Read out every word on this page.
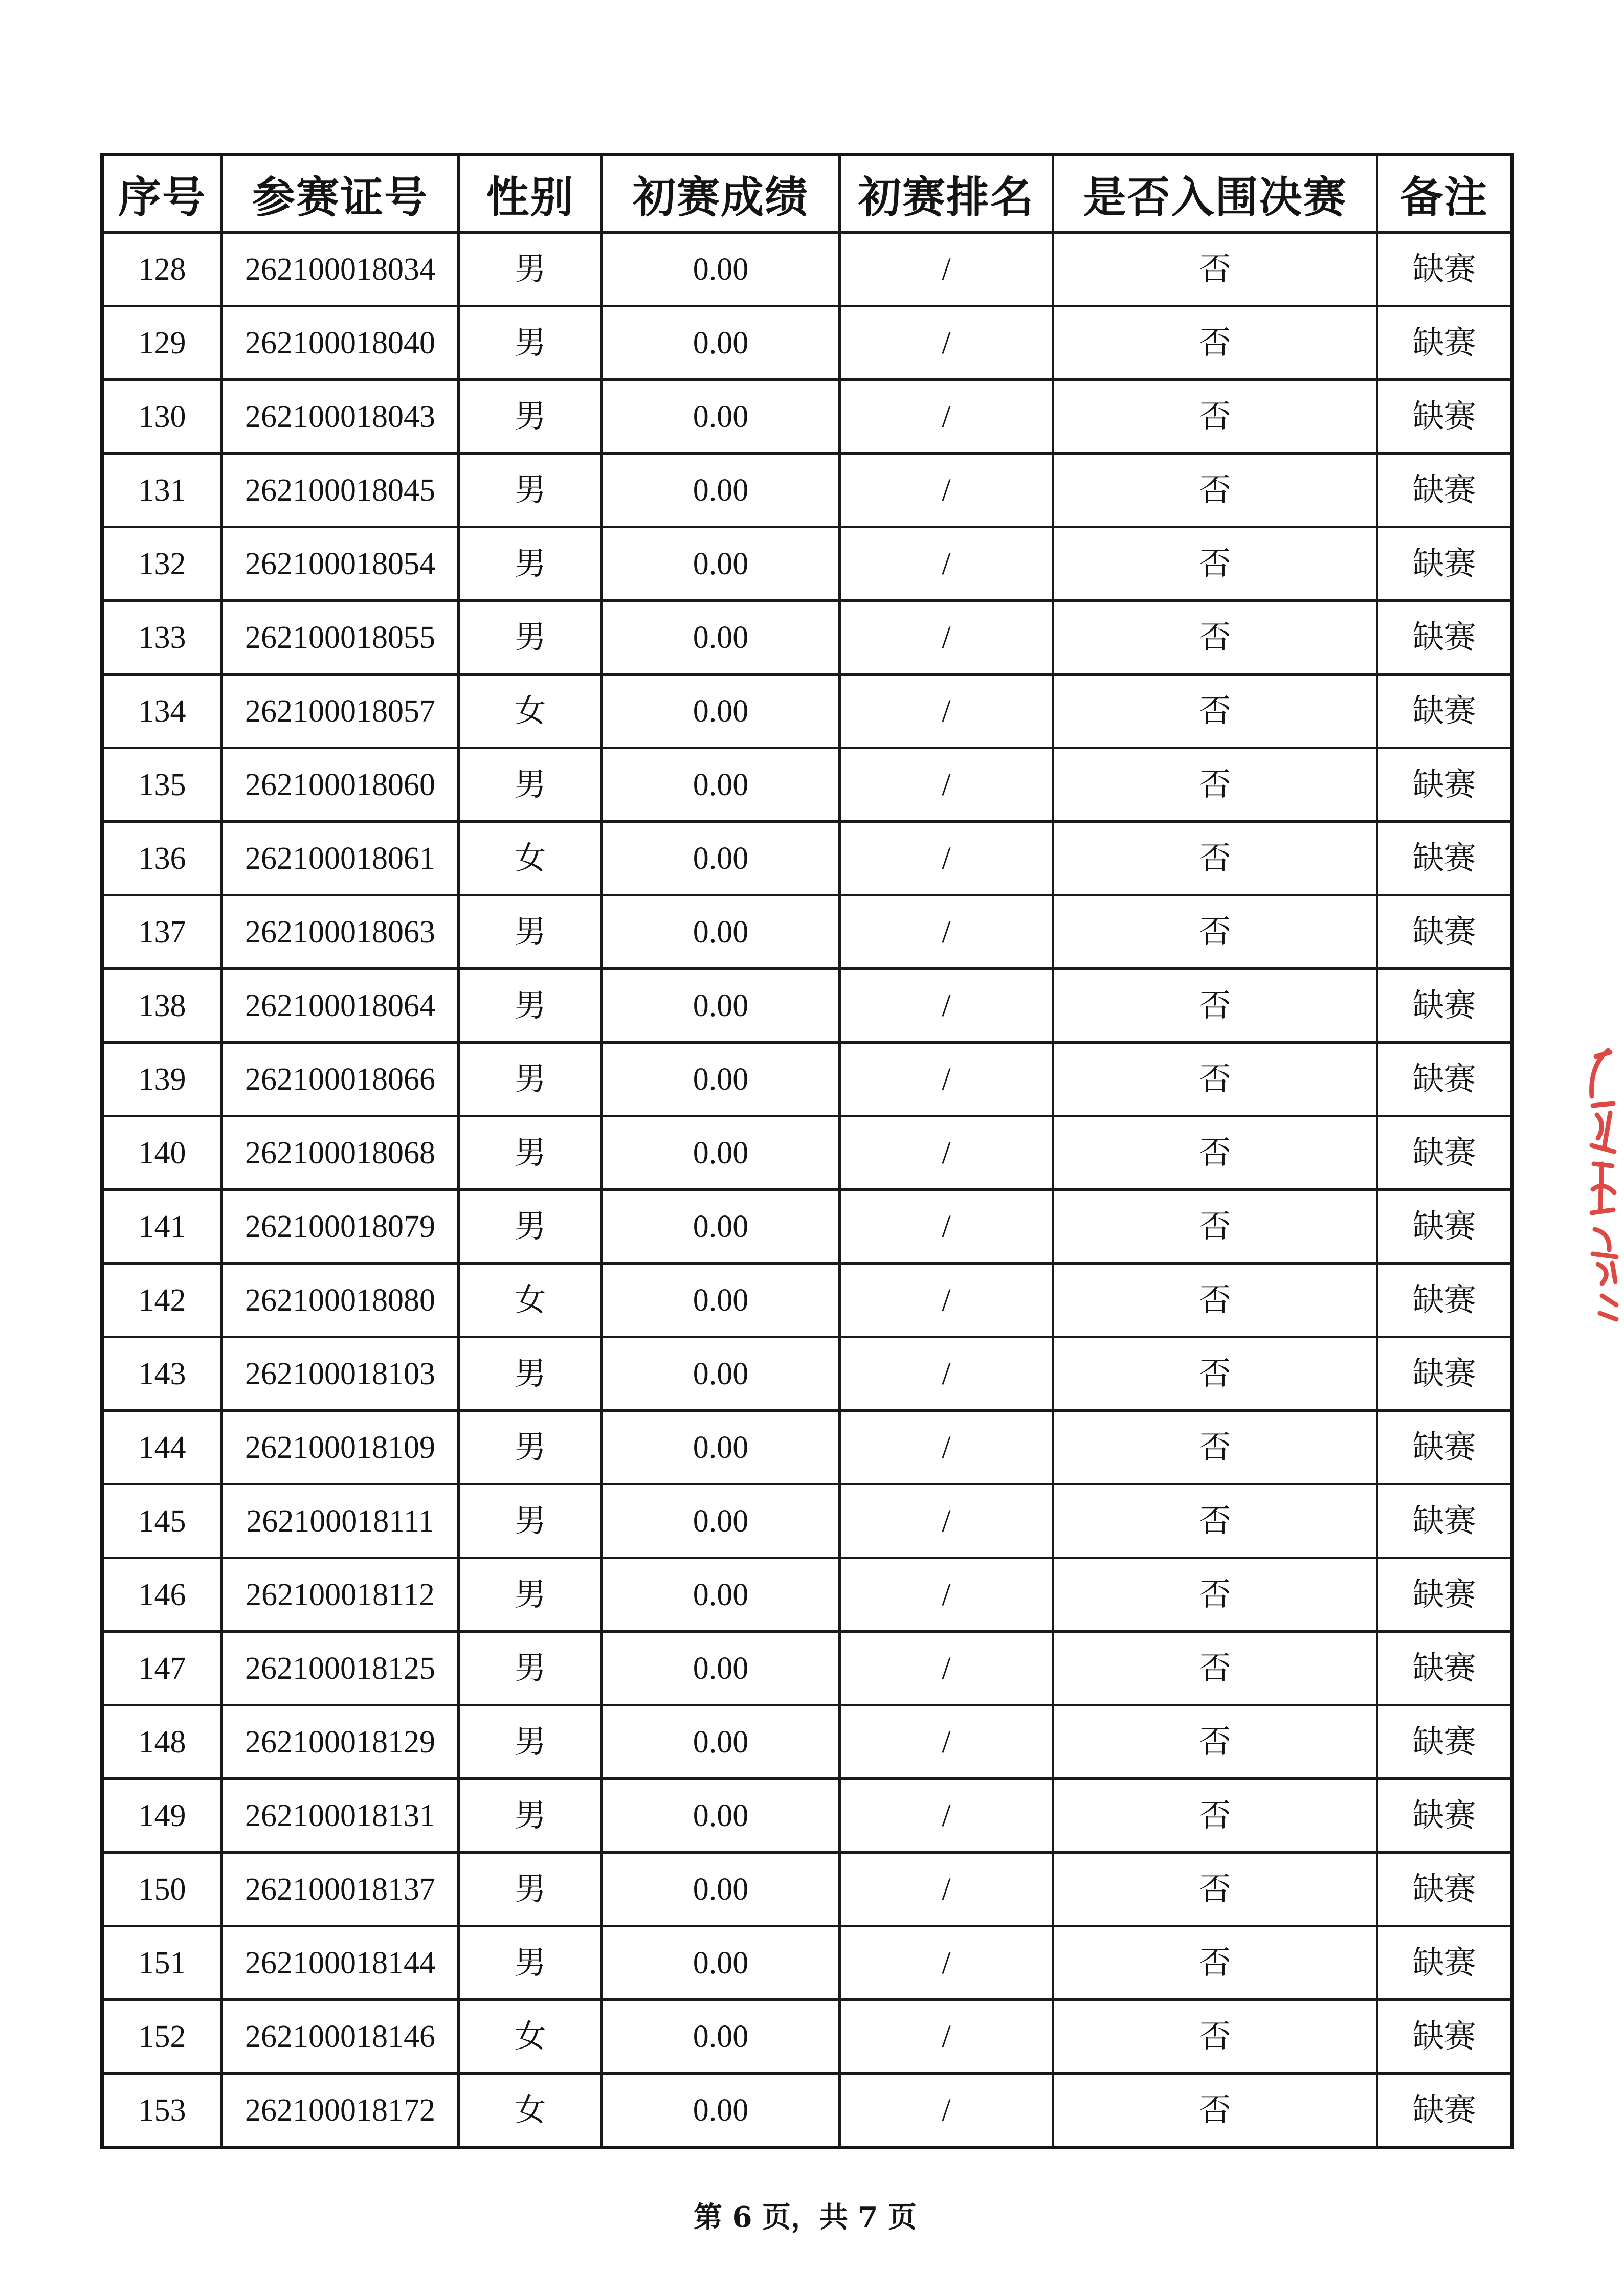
序号	参赛证号	性别	初赛成绩	初赛排名	是否入围决赛	备注
128	262100018034	男	0.00	/	否	缺赛
129	262100018040	男	0.00	/	否	缺赛
130	262100018043	男	0.00	/	否	缺赛
131	262100018045	男	0.00	/	否	缺赛
132	262100018054	男	0.00	/	否	缺赛
133	262100018055	男	0.00	/	否	缺赛
134	262100018057	女	0.00	/	否	缺赛
135	262100018060	男	0.00	/	否	缺赛
136	262100018061	女	0.00	/	否	缺赛
137	262100018063	男	0.00	/	否	缺赛
138	262100018064	男	0.00	/	否	缺赛
139	262100018066	男	0.00	/	否	缺赛
140	262100018068	男	0.00	/	否	缺赛
141	262100018079	男	0.00	/	否	缺赛
142	262100018080	女	0.00	/	否	缺赛
143	262100018103	男	0.00	/	否	缺赛
144	262100018109	男	0.00	/	否	缺赛
145	262100018111	男	0.00	/	否	缺赛
146	262100018112	男	0.00	/	否	缺赛
147	262100018125	男	0.00	/	否	缺赛
148	262100018129	男	0.00	/	否	缺赛
149	262100018131	男	0.00	/	否	缺赛
150	262100018137	男	0.00	/	否	缺赛
151	262100018144	男	0.00	/	否	缺赛
152	262100018146	女	0.00	/	否	缺赛
153	262100018172	女	0.00	/	否	缺赛
第 6 页，共 7 页
